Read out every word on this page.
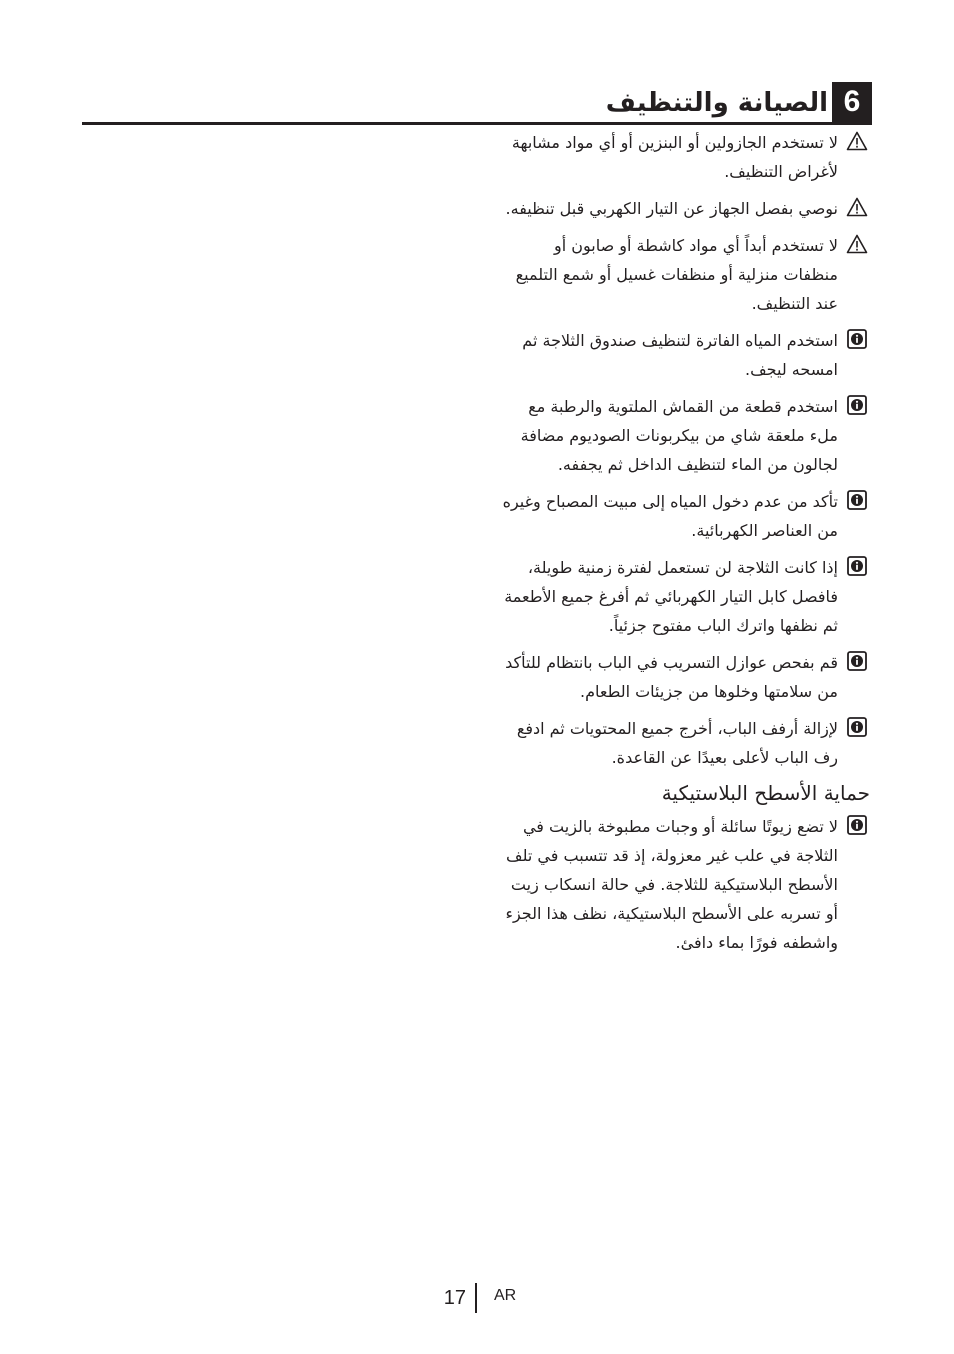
6
الصيانة والتنظيف
لا تستخدم الجازولين أو البنزين أو أي مواد مشابهة لأغراض التنظيف.
نوصي بفصل الجهاز عن التيار الكهربي قبل تنظيفه.
لا تستخدم أبداً أي مواد كاشطة أو صابون أو منظفات منزلية أو منظفات غسيل أو شمع التلميع عند التنظيف.
استخدم المياه الفاترة لتنظيف صندوق الثلاجة ثم امسحه ليجف.
استخدم قطعة من القماش الملتوية والرطبة مع ملء ملعقة شاي من بيكربونات الصوديوم مضافة لجالون من الماء لتنظيف الداخل ثم يجففه.
تأكد من عدم دخول المياه إلى مبيت المصباح وغيره من العناصر الكهربائية.
إذا كانت الثلاجة لن تستعمل لفترة زمنية طويلة، فافصل كابل التيار الكهربائي ثم أفرغ جميع الأطعمة ثم نظفها واترك الباب مفتوح جزئياً.
قم بفحص عوازل التسريب في الباب بانتظام للتأكد من سلامتها وخلوها من جزيئات الطعام.
لإزالة أرفف الباب، أخرج جميع المحتويات ثم ادفع رف الباب لأعلى بعيدًا عن القاعدة.
حماية الأسطح البلاستيكية
لا تضع زيوتًا سائلة أو وجبات مطبوخة بالزيت في الثلاجة في علب غير معزولة، إذ قد تتسبب في تلف الأسطح البلاستيكية للثلاجة. في حالة انسكاب زيت أو تسربه على الأسطح البلاستيكية، نظف هذا الجزء واشطفه فورًا بماء دافئ.
17 AR
